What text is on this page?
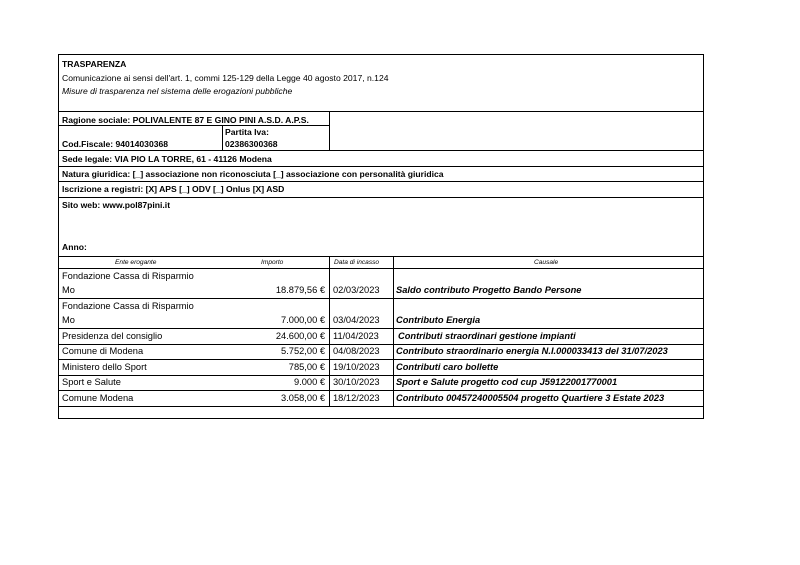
TRASPARENZA
Comunicazione ai sensi dell'art. 1, commi 125-129 della Legge 40 agosto 2017, n.124
Misure di trasparenza nel sistema delle erogazioni pubbliche
Ragione sociale: POLIVALENTE 87 E GINO PINI A.S.D. A.P.S.
Partita Iva:
02386300368
Cod.Fiscale: 94014030368
Sede legale: VIA PIO LA TORRE, 61 - 41126 Modena
Natura giuridica: [_] associazione non riconosciuta [_] associazione con personalità giuridica
Iscrizione a registri: [X] APS [_] ODV [_] Onlus [X] ASD
Sito web: www.pol87pini.it
Anno:
Ente erogante	Importo	Data di incasso	Causale
Fondazione Cassa di Risparmio
Mo	18.879,56 € 02/03/2023 Saldo contributo Progetto Bando Persone
Fondazione Cassa di Risparmio
Mo	7.000,00 € 03/04/2023 Contributo Energia
Presidenza del consiglio	24.600,00 € 11/04/2023 Contributi straordinari gestione impianti
Comune di Modena	5.752,00 € 04/08/2023 Contributo straordinario energia N.I.000033413 del 31/07/2023
Ministero dello Sport	785,00 € 19/10/2023 Contributi caro bollette
Sport e Salute	9.000 € 30/10/2023 Sport e Salute progetto cod cup J59122001770001
Comune Modena	3.058,00 € 18/12/2023 Contributo 00457240005504 progetto Quartiere 3 Estate 2023
